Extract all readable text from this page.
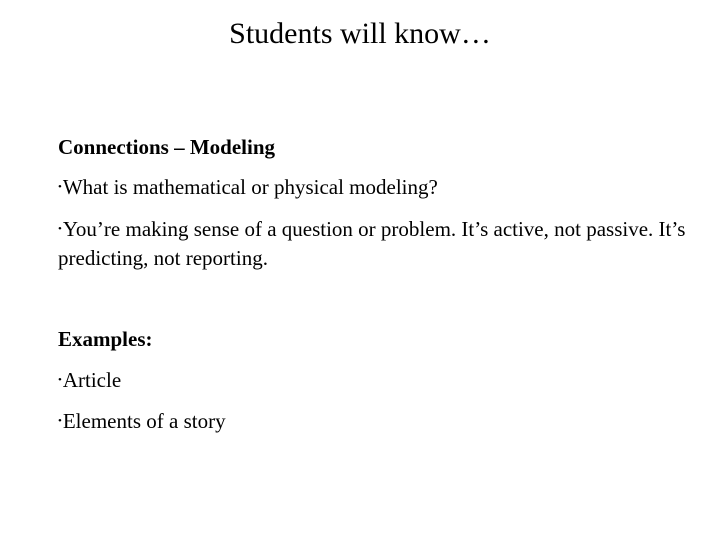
Students will know…
Connections – Modeling
•What is mathematical or physical modeling?
•You’re making sense of a question or problem. It’s active, not passive. It’s predicting, not reporting.
Examples:
•Article
•Elements of a story
